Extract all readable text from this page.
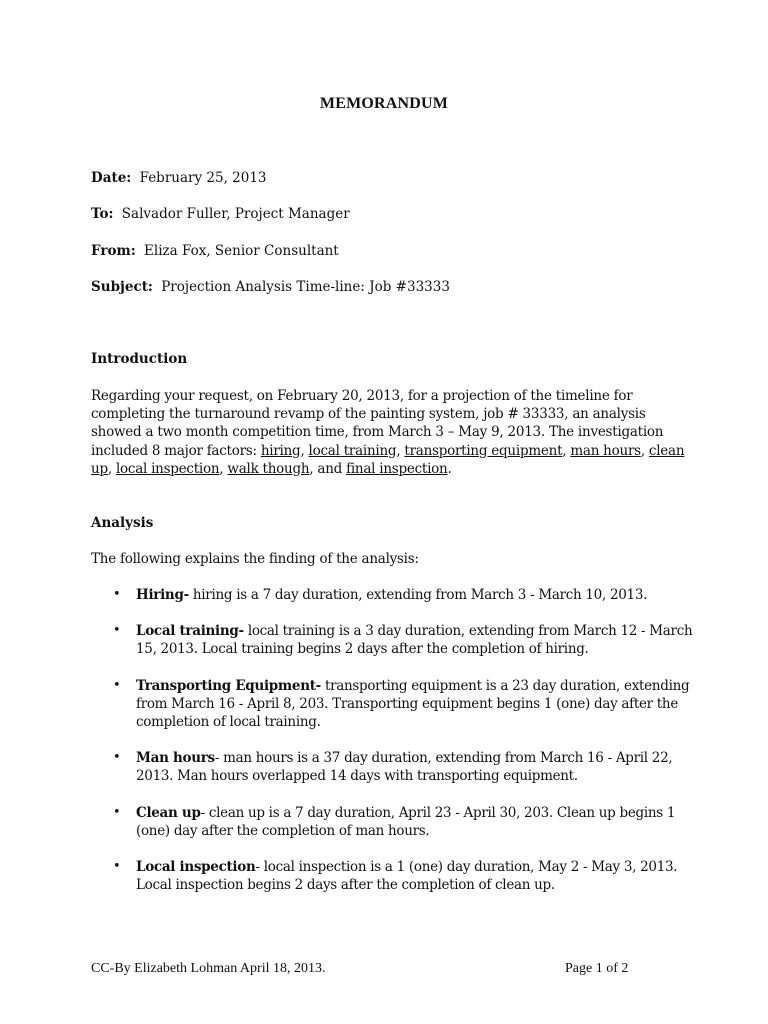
MEMORANDUM
Date: February 25, 2013
To: Salvador Fuller, Project Manager
From: Eliza Fox, Senior Consultant
Subject: Projection Analysis Time-line: Job #33333
Introduction
Regarding your request, on February 20, 2013, for a projection of the timeline for completing the turnaround revamp of the painting system, job # 33333, an analysis showed a two month competition time, from March 3 – May 9, 2013. The investigation included 8 major factors: hiring, local training, transporting equipment, man hours, clean up, local inspection, walk though, and final inspection.
Analysis
The following explains the finding of the analysis:
• Hiring- hiring is a 7 day duration, extending from March 3 - March 10, 2013.
• Local training- local training is a 3 day duration, extending from March 12 - March 15, 2013. Local training begins 2 days after the completion of hiring.
• Transporting Equipment- transporting equipment is a 23 day duration, extending from March 16 - April 8, 203. Transporting equipment begins 1 (one) day after the completion of local training.
• Man hours- man hours is a 37 day duration, extending from March 16 - April 22, 2013. Man hours overlapped 14 days with transporting equipment.
• Clean up- clean up is a 7 day duration, April 23 - April 30, 203. Clean up begins 1 (one) day after the completion of man hours.
• Local inspection- local inspection is a 1 (one) day duration, May 2 - May 3, 2013. Local inspection begins 2 days after the completion of clean up.
CC-By Elizabeth Lohman April 18, 2013.	Page 1 of 2
